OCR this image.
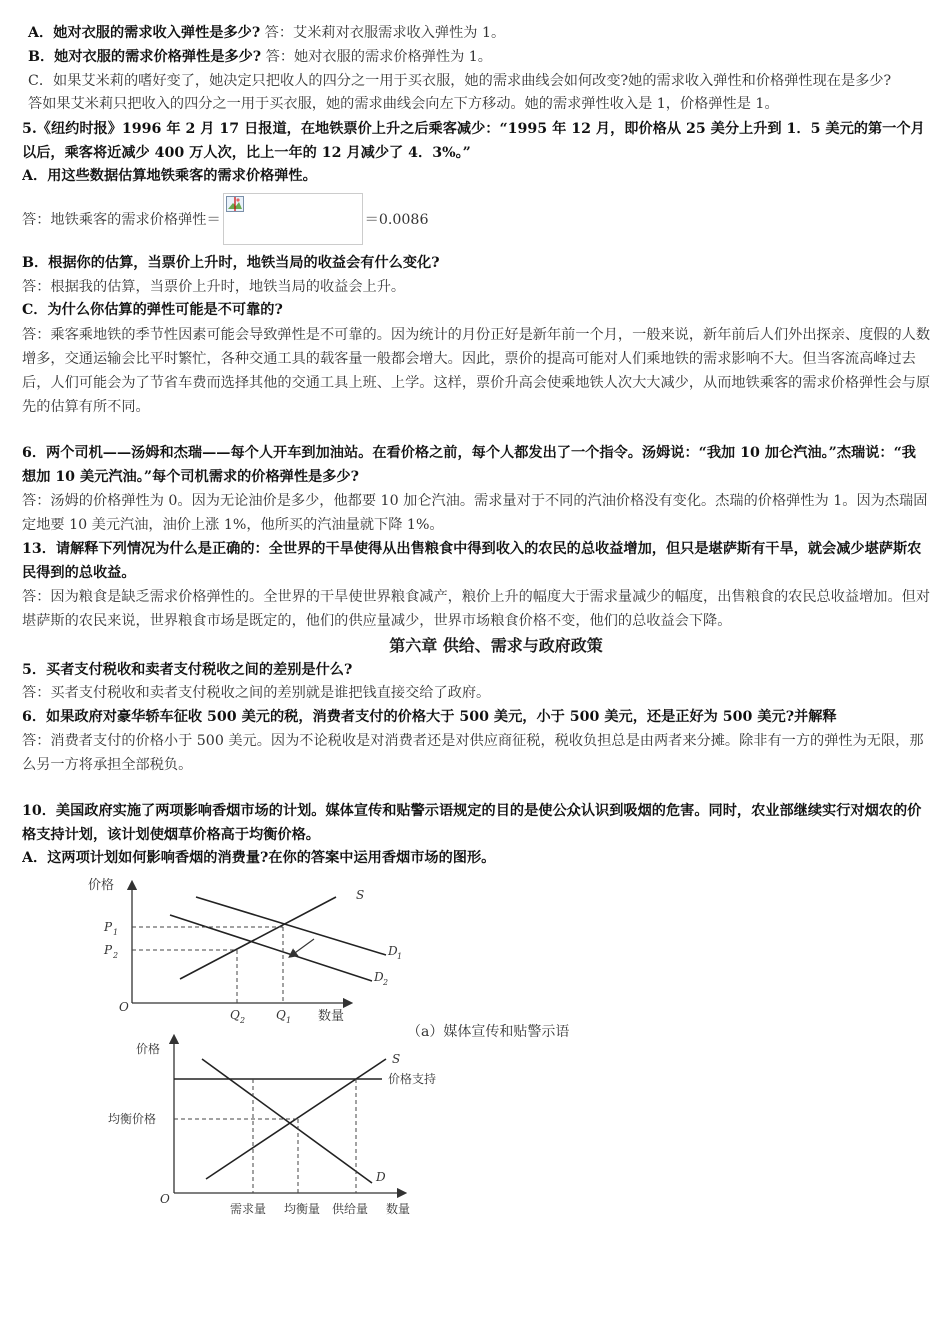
A．她对衣服的需求收入弹性是多少? 答：艾米莉对衣服需求收入弹性为 1。
B．她对衣服的需求价格弹性是多少? 答：她对衣服的需求价格弹性为 1。
C．如果艾米莉的嗜好变了，她决定只把收人的四分之一用于买衣服，她的需求曲线会如何改变?她的需求收入弹性和价格弹性现在是多少?
答如果艾米莉只把收入的四分之一用于买衣服，她的需求曲线会向左下方移动。她的需求弹性收入是 1，价格弹性是 1。
5.《纽约时报》1996 年 2 月 17 日报道，在地铁票价上升之后乘客减少：“1995 年 12 月，即价格从 25 美分上升到 1．5 美元的第一个月以后，乘客将近减少 400 万人次，比上一年的 12 月减少了 4．3%。”
A．用这些数据估算地铁乘客的需求价格弹性。
答：地铁乘客的需求价格弹性＝	＝0.0086
B．根据你的估算，当票价上升时，地铁当局的收益会有什么变化?
答：根据我的估算，当票价上升时，地铁当局的收益会上升。
C．为什么你估算的弹性可能是不可靠的?
答：乘客乘地铁的季节性因素可能会导致弹性是不可靠的。因为统计的月份正好是新年前一个月，一般来说，新年前后人们外出探亲、度假的人数增多，交通运输会比平时繁忙，各种交通工具的载客量一般都会增大。因此，票价的提高可能对人们乘地铁的需求影响不大。但当客流高峰过去后，人们可能会为了节省车费而选择其他的交通工具上班、上学。这样，票价升高会使乘地铁人次大大减少，从而地铁乘客的需求价格弹性会与原先的估算有所不同。
6．两个司机——汤姆和杰瑞——每个人开车到加油站。在看价格之前，每个人都发出了一个指令。汤姆说：“我加 10 加仑汽油。”杰瑞说：“我想加 10 美元汽油。”每个司机需求的价格弹性是多少?
答：汤姆的价格弹性为 0。因为无论油价是多少，他都要 10 加仑汽油。需求量对于不同的汽油价格没有变化。杰瑞的价格弹性为 1。因为杰瑞固定地要 10 美元汽油，油价上涨 1%，他所买的汽油量就下降 1%。
13．请解释下列情况为什么是正确的：全世界的干旱使得从出售粮食中得到收入的农民的总收益增加，但只是堪萨斯有干旱，就会减少堪萨斯农民得到的总收益。
答：因为粮食是缺乏需求价格弹性的。全世界的干旱使世界粮食减产，粮价上升的幅度大于需求量减少的幅度，出售粮食的农民总收益增加。但对堪萨斯的农民来说，世界粮食市场是既定的，他们的供应量减少，世界市场粮食价格不变，他们的总收益会下降。
第六章 供给、需求与政府政策
5．买者支付税收和卖者支付税收之间的差别是什么?
答：买者支付税收和卖者支付税收之间的差别就是谁把钱直接交给了政府。
6．如果政府对豪华轿车征收 500 美元的税，消费者支付的价格大于 500 美元，小于 500 美元，还是正好为 500 美元?并解释
答：消费者支付的价格小于 500 美元。因为不论税收是对消费者还是对供应商征税，税收负担总是由两者来分摊。除非有一方的弹性为无限，那么另一方将承担全部税负。
10．美国政府实施了两项影响香烟市场的计划。媒体宣传和贴警示语规定的目的是使公众认识到吸烟的危害。同时，农业部继续实行对烟农的价格支持计划，该计划使烟草价格高于均衡价格。
A．这两项计划如何影响香烟的消费量?在你的答案中运用香烟市场的图形。
价格
数量
O
S
D 1
D 2
P 1
P 2
Q 2	Q 1
（a）媒体宣传和贴警示语
价格
数量
O
S
D
价格支持
均衡价格
需求量 均衡量 供给量
